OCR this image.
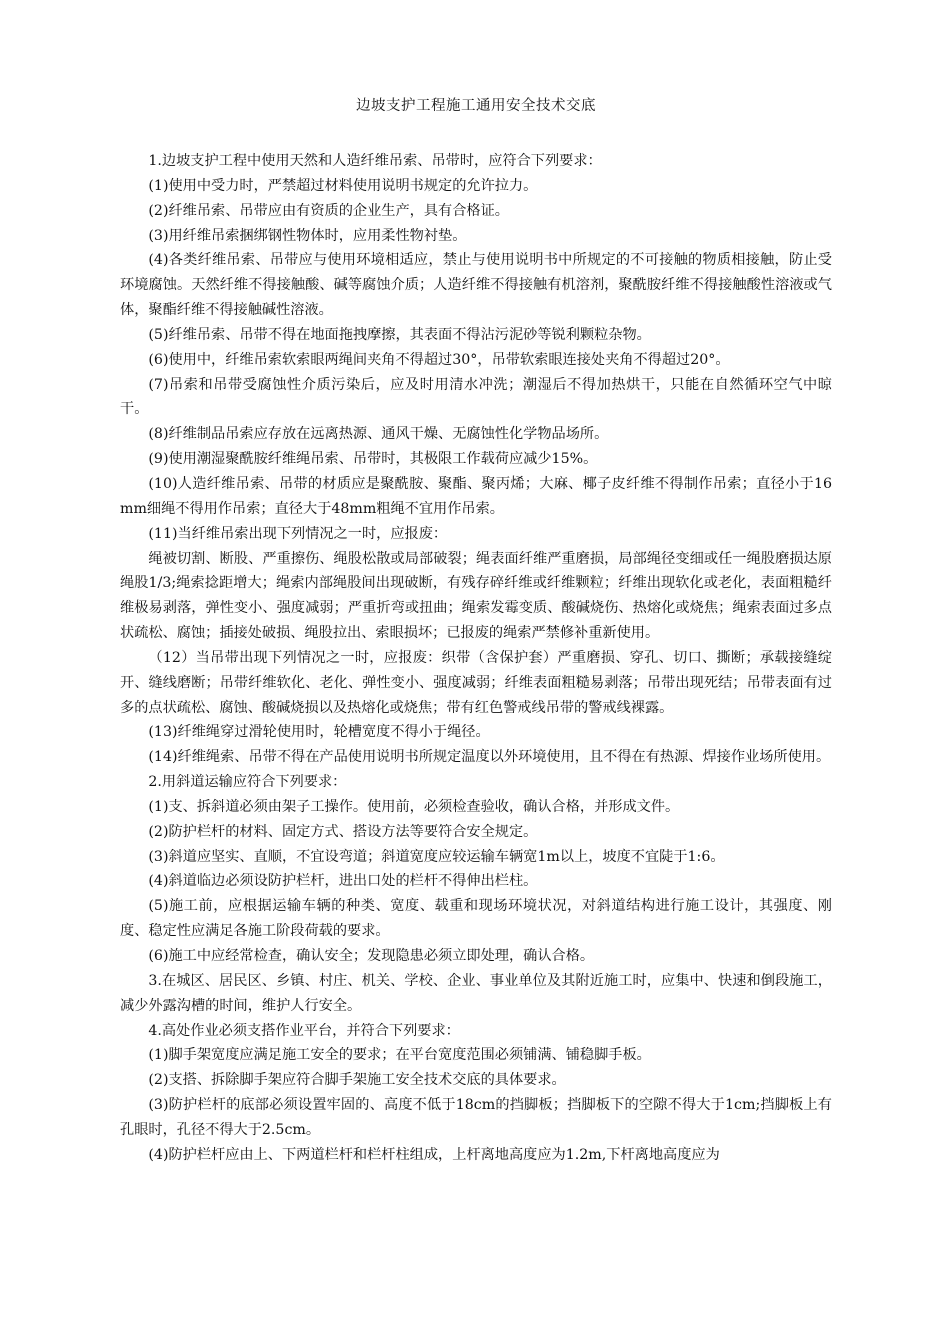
边坡支护工程施工通用安全技术交底

1.边坡支护工程中使用天然和人造纤维吊索、吊带时，应符合下列要求：

(1)使用中受力时，严禁超过材料使用说明书规定的允许拉力。

(2)纤维吊索、吊带应由有资质的企业生产，具有合格证。

(3)用纤维吊索捆绑钢性物体时，应用柔性物衬垫。

(4)各类纤维吊索、吊带应与使用环境相适应，禁止与使用说明书中所规定的不可接触的物质相接触，防止受环境腐蚀。天然纤维不得接触酸、碱等腐蚀介质；人造纤维不得接触有机溶剂，聚酰胺纤维不得接触酸性溶液或气体，聚酯纤维不得接触碱性溶液。

(5)纤维吊索、吊带不得在地面拖拽摩擦，其表面不得沾污泥砂等锐利颗粒杂物。

(6)使用中，纤维吊索软索眼两绳间夹角不得超过30°，吊带软索眼连接处夹角不得超过20°。

(7)吊索和吊带受腐蚀性介质污染后，应及时用清水冲洗；潮湿后不得加热烘干，只能在自然循环空气中晾干。

(8)纤维制品吊索应存放在远离热源、通风干燥、无腐蚀性化学物品场所。

(9)使用潮湿聚酰胺纤维绳吊索、吊带时，其极限工作载荷应减少15%。

(10)人造纤维吊索、吊带的材质应是聚酰胺、聚酯、聚丙烯；大麻、椰子皮纤维不得制作吊索；直径小于16mm细绳不得用作吊索；直径大于48mm粗绳不宜用作吊索。

(11)当纤维吊索出现下列情况之一时，应报废：

绳被切割、断股、严重擦伤、绳股松散或局部破裂；绳表面纤维严重磨损，局部绳径变细或任一绳股磨损达原绳股1/3;绳索捻距增大；绳索内部绳股间出现破断，有残存碎纤维或纤维颗粒；纤维出现软化或老化，表面粗糙纤维极易剥落，弹性变小、强度减弱；严重折弯或扭曲；绳索发霉变质、酸碱烧伤、热熔化或烧焦；绳索表面过多点状疏松、腐蚀；插接处破损、绳股拉出、索眼损坏；已报废的绳索严禁修补重新使用。

（12）当吊带出现下列情况之一时，应报废：织带（含保护套）严重磨损、穿孔、切口、撕断；承载接缝绽开、缝线磨断；吊带纤维软化、老化、弹性变小、强度减弱；纤维表面粗糙易剥落；吊带出现死结；吊带表面有过多的点状疏松、腐蚀、酸碱烧损以及热熔化或烧焦；带有红色警戒线吊带的警戒线裸露。

(13)纤维绳穿过滑轮使用时，轮槽宽度不得小于绳径。

(14)纤维绳索、吊带不得在产品使用说明书所规定温度以外环境使用，且不得在有热源、焊接作业场所使用。

2.用斜道运输应符合下列要求：

(1)支、拆斜道必须由架子工操作。使用前，必须检查验收，确认合格，并形成文件。

(2)防护栏杆的材料、固定方式、搭设方法等要符合安全规定。

(3)斜道应坚实、直顺，不宜设弯道；斜道宽度应较运输车辆宽1m以上，坡度不宜陡于1:6。

(4)斜道临边必须设防护栏杆，进出口处的栏杆不得伸出栏柱。

(5)施工前，应根据运输车辆的种类、宽度、载重和现场环境状况，对斜道结构进行施工设计，其强度、刚度、稳定性应满足各施工阶段荷载的要求。

(6)施工中应经常检查，确认安全；发现隐患必须立即处理，确认合格。

3.在城区、居民区、乡镇、村庄、机关、学校、企业、事业单位及其附近施工时，应集中、快速和倒段施工，减少外露沟槽的时间，维护人行安全。

4.高处作业必须支搭作业平台，并符合下列要求：

(1)脚手架宽度应满足施工安全的要求；在平台宽度范围必须铺满、铺稳脚手板。

(2)支搭、拆除脚手架应符合脚手架施工安全技术交底的具体要求。

(3)防护栏杆的底部必须设置牢固的、高度不低于18cm的挡脚板；挡脚板下的空隙不得大于1cm;挡脚板上有孔眼时，孔径不得大于2.5cm。

(4)防护栏杆应由上、下两道栏杆和栏杆柱组成，上杆离地高度应为1.2m,下杆离地高度应为
